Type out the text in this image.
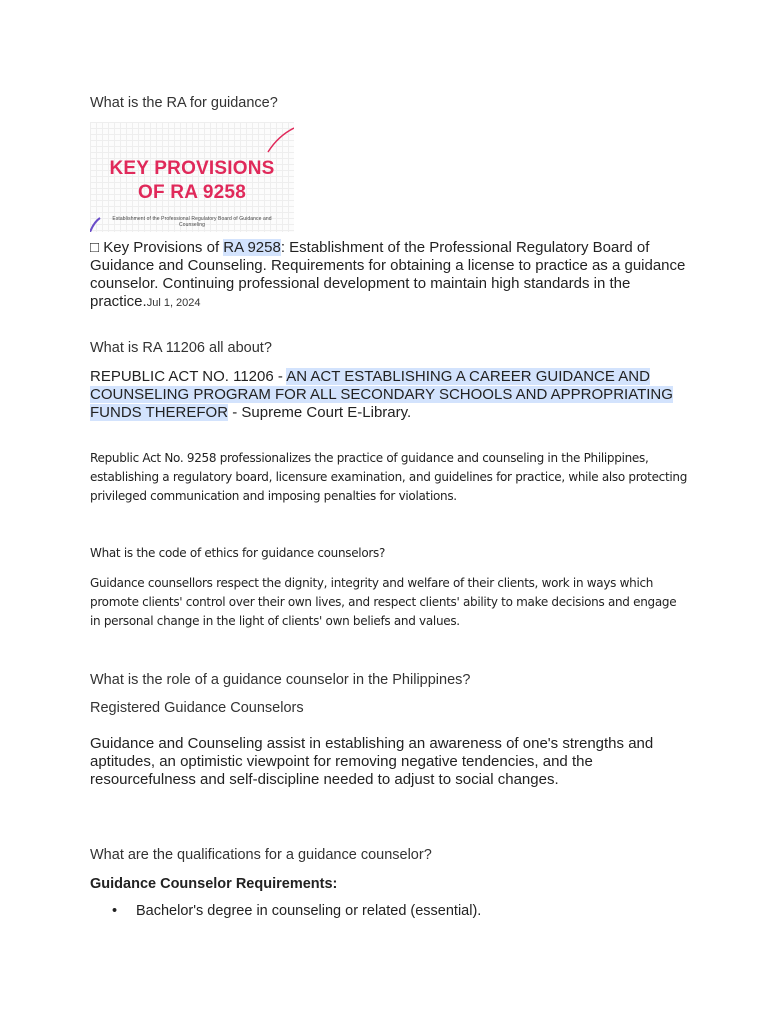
What is the RA for guidance?
KEY PROVISIONS
OF RA 9258
Establishment of the Professional Regulatory Board of Guidance and Counseling
□ Key Provisions of RA 9258: Establishment of the Professional Regulatory Board of Guidance and Counseling. Requirements for obtaining a license to practice as a guidance counselor. Continuing professional development to maintain high standards in the practice.Jul 1, 2024
What is RA 11206 all about?
REPUBLIC ACT NO. 11206 - AN ACT ESTABLISHING A CAREER GUIDANCE AND COUNSELING PROGRAM FOR ALL SECONDARY SCHOOLS AND APPROPRIATING FUNDS THEREFOR - Supreme Court E-Library.
Republic Act No. 9258 professionalizes the practice of guidance and counseling in the Philippines, establishing a regulatory board, licensure examination, and guidelines for practice, while also protecting privileged communication and imposing penalties for violations.
What is the code of ethics for guidance counselors?
Guidance counsellors respect the dignity, integrity and welfare of their clients, work in ways which promote clients' control over their own lives, and respect clients' ability to make decisions and engage in personal change in the light of clients' own beliefs and values.
What is the role of a guidance counselor in the Philippines?
Registered Guidance Counselors
Guidance and Counseling assist in establishing an awareness of one's strengths and aptitudes, an optimistic viewpoint for removing negative tendencies, and the resourcefulness and self-discipline needed to adjust to social changes.
What are the qualifications for a guidance counselor?
Guidance Counselor Requirements:
• Bachelor's degree in counseling or related (essential).
